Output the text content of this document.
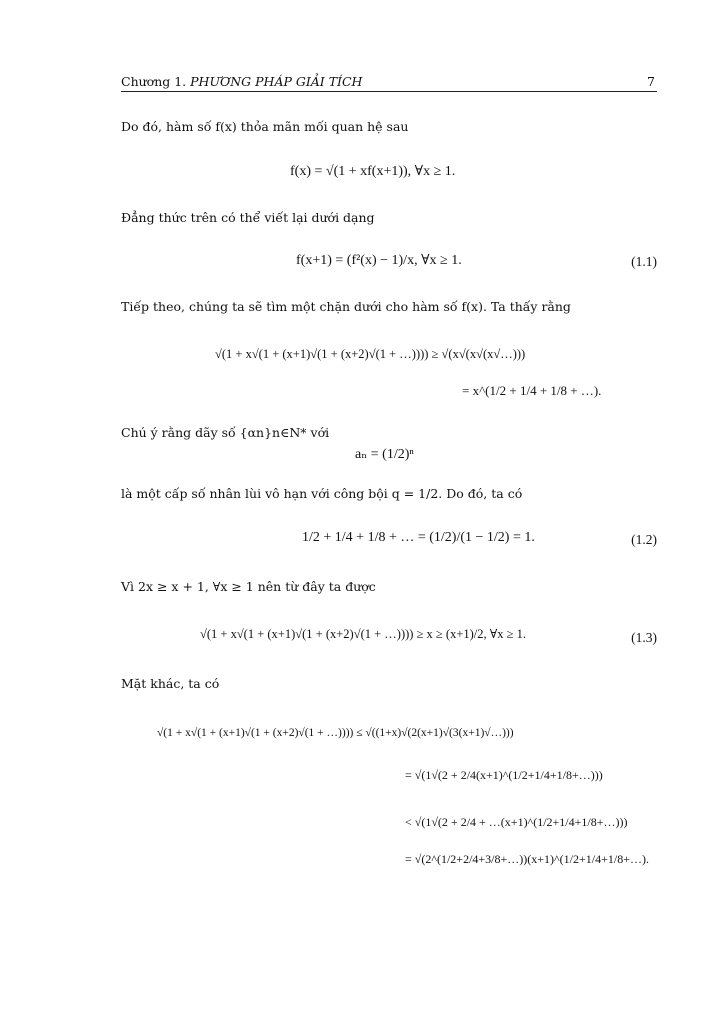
Chương 1. PHƯƠNG PHÁP GIẢI TÍCH	7
Do đó, hàm số f(x) thỏa mãn mối quan hệ sau
f(x) = √(1 + xf(x+1)), ∀x ≥ 1.
Đẳng thức trên có thể viết lại dưới dạng
f(x+1) = (f²(x) − 1)/x, ∀x ≥ 1.	(1.1)
Tiếp theo, chúng ta sẽ tìm một chặn dưới cho hàm số f(x). Ta thấy rằng
√(1 + x√(1 + (x+1)√(1 + (x+2)√(1 + …)))) ≥ √(x√(x√(x√…)))
= x^(1/2 + 1/4 + 1/8 + …).
Chú ý rằng dãy số {αn}n∈N* với
aₙ = (1/2)ⁿ
là một cấp số nhân lùi vô hạn với công bội q = 1/2. Do đó, ta có
1/2 + 1/4 + 1/8 + … = (1/2)/(1 − 1/2) = 1.	(1.2)
Vì 2x ≥ x + 1, ∀x ≥ 1 nên từ đây ta được
√(1 + x√(1 + (x+1)√(1 + (x+2)√(1 + …)))) ≥ x ≥ (x+1)/2, ∀x ≥ 1.	(1.3)
Mặt khác, ta có
√(1 + x√(1 + (x+1)√(1 + (x+2)√(1 + …)))) ≤ √((1+x)√(2(x+1)√(3(x+1)√…)))
= √(1√(2 + 2/4(x+1)^(1/2+1/4+1/8+…)))
< √(1√(2 + 2/4 + …(x+1)^(1/2+1/4+1/8+…)))
= √(2^(1/2+2/4+3/8+…))(x+1)^(1/2+1/4+1/8+…).
